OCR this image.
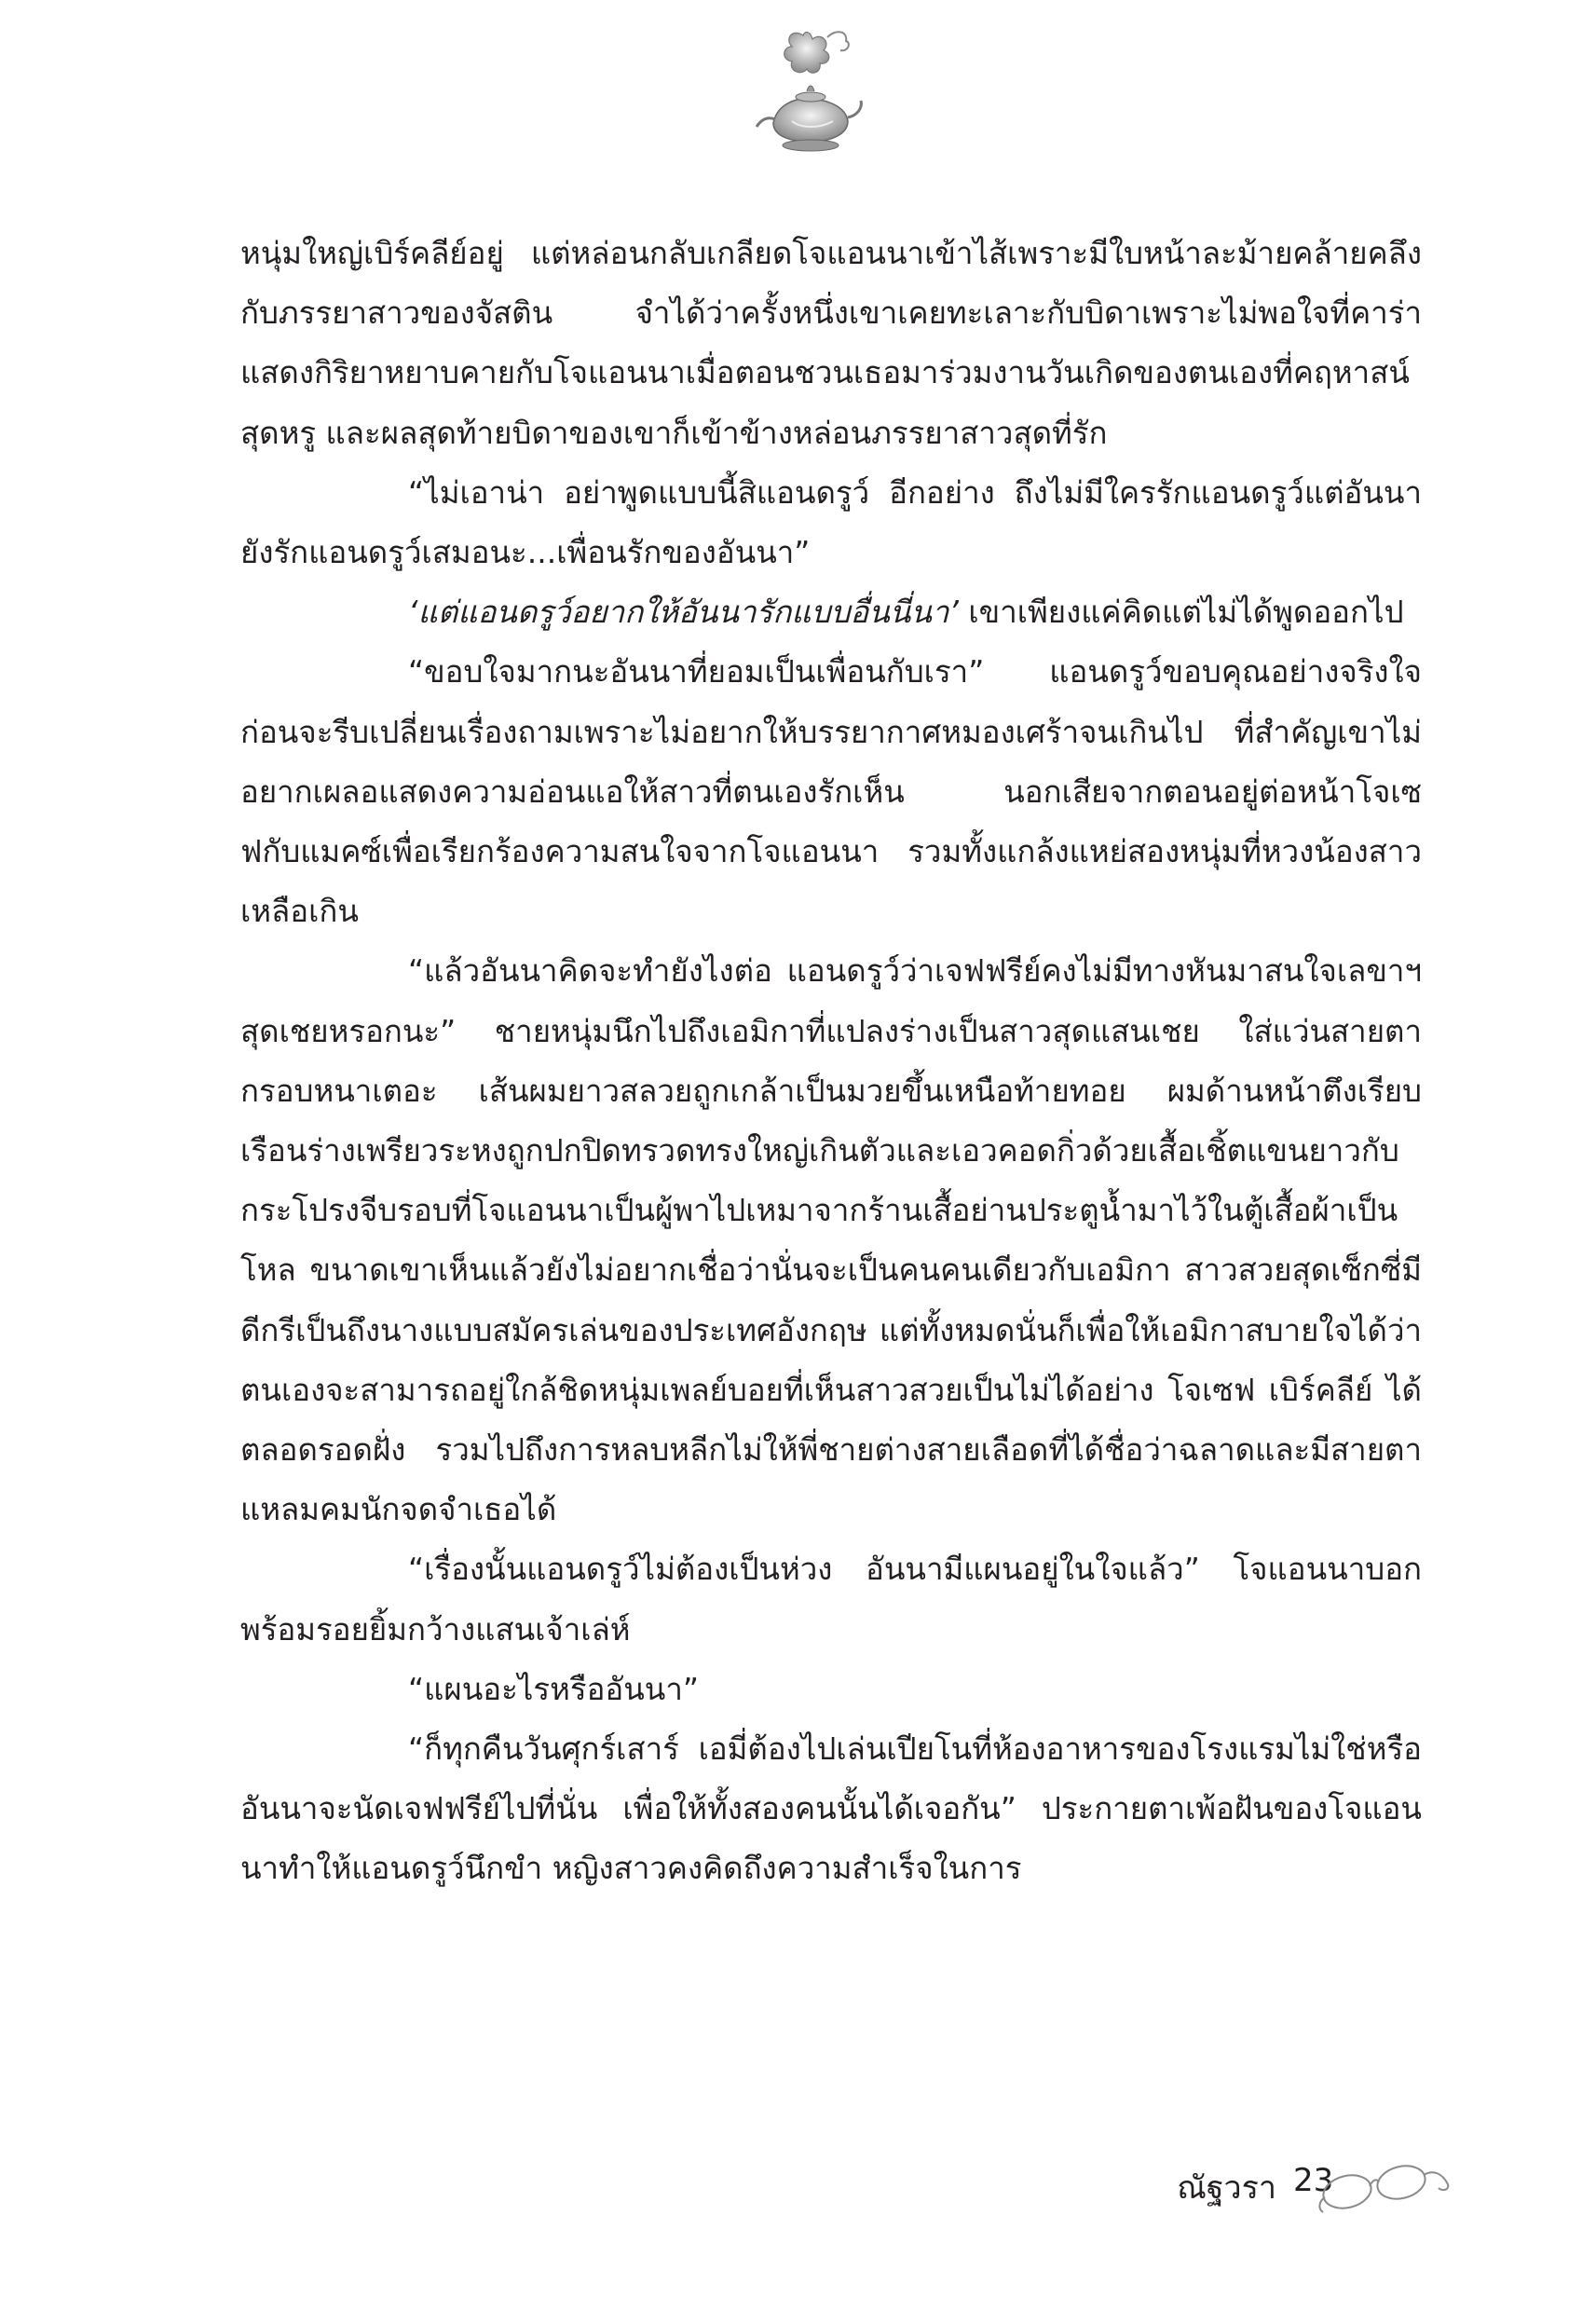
หนุ่มใหญ่เบิร์คลีย์อยู่ แต่หล่อนกลับเกลียดโจแอนนาเข้าไส้เพราะมีใบหน้าละม้ายคล้ายคลึงกับภรรยาสาวของจัสติน จำได้ว่าครั้งหนึ่งเขาเคยทะเลาะกับบิดาเพราะไม่พอใจที่คาร่าแสดงกิริยาหยาบคายกับโจแอนนาเมื่อตอนชวนเธอมาร่วมงานวันเกิดของตนเองที่คฤหาสน์สุดหรู และผลสุดท้ายบิดาของเขาก็เข้าข้างหล่อนภรรยาสาวสุดที่รัก

“ไม่เอาน่า อย่าพูดแบบนี้สิแอนดรูว์ อีกอย่าง ถึงไม่มีใครรักแอนดรูว์แต่อันนายังรักแอนดรูว์เสมอนะ...เพื่อนรักของอันนา”

‘แต่แอนดรูว์อยากให้อันนารักแบบอื่นนี่นา’ เขาเพียงแค่คิดแต่ไม่ได้พูดออกไป

“ขอบใจมากนะอันนาที่ยอมเป็นเพื่อนกับเรา” แอนดรูว์ขอบคุณอย่างจริงใจก่อนจะรีบเปลี่ยนเรื่องถามเพราะไม่อยากให้บรรยากาศหมองเศร้าจนเกินไป ที่สำคัญเขาไม่อยากเผลอแสดงความอ่อนแอให้สาวที่ตนเองรักเห็น นอกเสียจากตอนอยู่ต่อหน้าโจเซฟกับแมคซ์เพื่อเรียกร้องความสนใจจากโจแอนนา รวมทั้งแกล้งแหย่สองหนุ่มที่หวงน้องสาวเหลือเกิน

“แล้วอันนาคิดจะทำยังไงต่อ แอนดรูว์ว่าเจฟฟรีย์คงไม่มีทางหันมาสนใจเลขาฯ สุดเชยหรอกนะ” ชายหนุ่มนึกไปถึงเอมิกาที่แปลงร่างเป็นสาวสุดแสนเชย ใส่แว่นสายตากรอบหนาเตอะ เส้นผมยาวสลวยถูกเกล้าเป็นมวยขึ้นเหนือท้ายทอย ผมด้านหน้าตึงเรียบ เรือนร่างเพรียวระหงถูกปกปิดทรวดทรงใหญ่เกินตัวและเอวคอดกิ่วด้วยเสื้อเชิ้ตแขนยาวกับกระโปรงจีบรอบที่โจแอนนาเป็นผู้พาไปเหมาจากร้านเสื้อย่านประตูน้ำมาไว้ในตู้เสื้อผ้าเป็นโหล ขนาดเขาเห็นแล้วยังไม่อยากเชื่อว่านั่นจะเป็นคนคนเดียวกับเอมิกา สาวสวยสุดเซ็กซี่มีดีกรีเป็นถึงนางแบบสมัครเล่นของประเทศอังกฤษ แต่ทั้งหมดนั่นก็เพื่อให้เอมิกาสบายใจได้ว่าตนเองจะสามารถอยู่ใกล้ชิดหนุ่มเพลย์บอยที่เห็นสาวสวยเป็นไม่ได้อย่าง โจเซฟ เบิร์คลีย์ ได้ตลอดรอดฝั่ง รวมไปถึงการหลบหลีกไม่ให้พี่ชายต่างสายเลือดที่ได้ชื่อว่าฉลาดและมีสายตาแหลมคมนักจดจำเธอได้

“เรื่องนั้นแอนดรูว์ไม่ต้องเป็นห่วง อันนามีแผนอยู่ในใจแล้ว” โจแอนนาบอกพร้อมรอยยิ้มกว้างแสนเจ้าเล่ห์

“แผนอะไรหรืออันนา”

“ก็ทุกคืนวันศุกร์เสาร์ เอมี่ต้องไปเล่นเปียโนที่ห้องอาหารของโรงแรมไม่ใช่หรือ อันนาจะนัดเจฟฟรีย์ไปที่นั่น เพื่อให้ทั้งสองคนนั้นได้เจอกัน” ประกายตาเพ้อฝันของโจแอนนาทำให้แอนดรูว์นึกขำ หญิงสาวคงคิดถึงความสำเร็จในการ

ณัฐวรา 23
